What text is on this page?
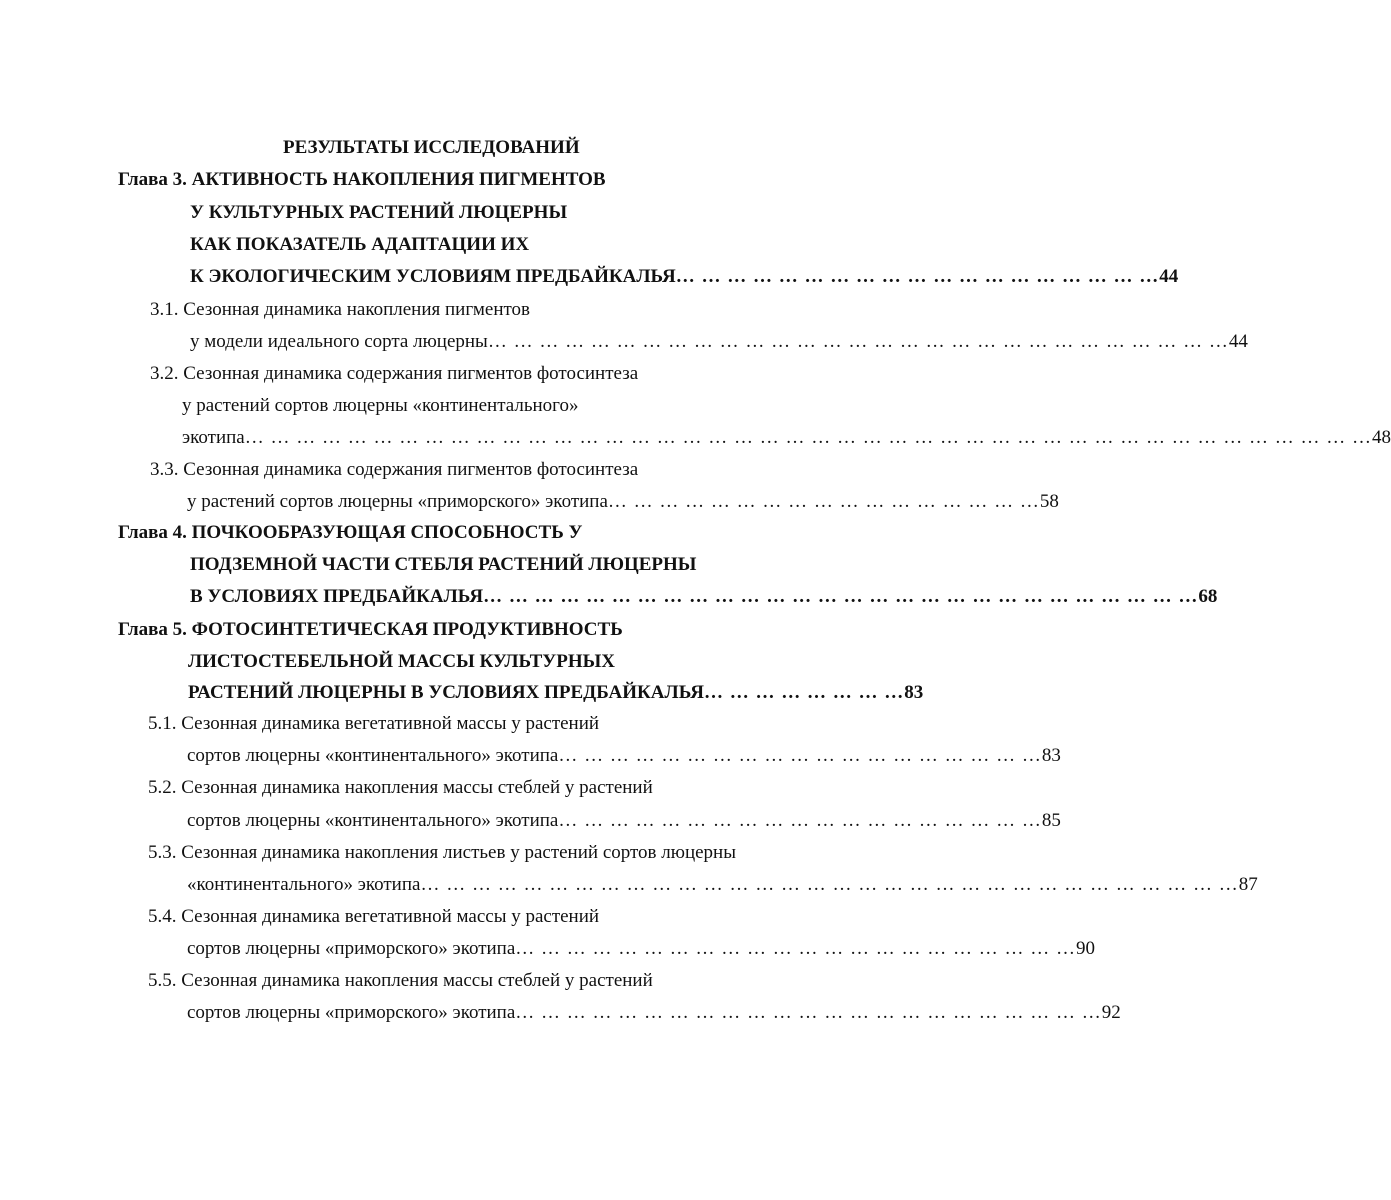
РЕЗУЛЬТАТЫ ИССЛЕДОВАНИЙ
Глава 3. АКТИВНОСТЬ НАКОПЛЕНИЯ ПИГМЕНТОВ
У КУЛЬТУРНЫХ РАСТЕНИЙ ЛЮЦЕРНЫ
КАК ПОКАЗАТЕЛЬ АДАПТАЦИИ ИХ
К ЭКОЛОГИЧЕСКИМ УСЛОВИЯМ ПРЕДБАЙКАЛЬЯ … … … … … … … … … … … … … … … … … … … 44
3.1. Сезонная динамика накопления пигментов
у модели идеального сорта люцерны … … … … … … … … … … … … … … … … … … … … … … … … … … … … … 44
3.2. Сезонная динамика содержания пигментов фотосинтеза
у растений сортов люцерны «континентального»
экотипа … … … … … … … … … … … … … … … … … … … … … … … … … … … … … … … … … … … … … … … … … … … … 48
3.3. Сезонная динамика содержания пигментов фотосинтеза
у растений сортов люцерны «приморского» экотипа … … … … … … … … … … … … … … … … … 58
Глава 4. ПОЧКООБРАЗУЮЩАЯ СПОСОБНОСТЬ У
ПОДЗЕМНОЙ ЧАСТИ СТЕБЛЯ РАСТЕНИЙ ЛЮЦЕРНЫ
В УСЛОВИЯХ ПРЕДБАЙКАЛЬЯ … … … … … … … … … … … … … … … … … … … … … … … … … … … … 68
Глава 5. ФОТОСИНТЕТИЧЕСКАЯ ПРОДУКТИВНОСТЬ
ЛИСТОСТЕБЕЛЬНОЙ МАССЫ КУЛЬТУРНЫХ
РАСТЕНИЙ ЛЮЦЕРНЫ В УСЛОВИЯХ ПРЕДБАЙКАЛЬЯ … … … … … … … … 83
5.1. Сезонная динамика вегетативной массы у растений
сортов люцерны «континентального» экотипа … … … … … … … … … … … … … … … … … … … 83
5.2. Сезонная динамика накопления массы стеблей у растений
сортов люцерны «континентального» экотипа … … … … … … … … … … … … … … … … … … … 85
5.3. Сезонная динамика накопления листьев у растений сортов люцерны
«континентального» экотипа … … … … … … … … … … … … … … … … … … … … … … … … … … … … … … … … 87
5.4. Сезонная динамика вегетативной массы у растений
сортов люцерны «приморского» экотипа … … … … … … … … … … … … … … … … … … … … … … 90
5.5. Сезонная динамика накопления массы стеблей у растений
сортов люцерны «приморского» экотипа … … … … … … … … … … … … … … … … … … … … … … … 92
